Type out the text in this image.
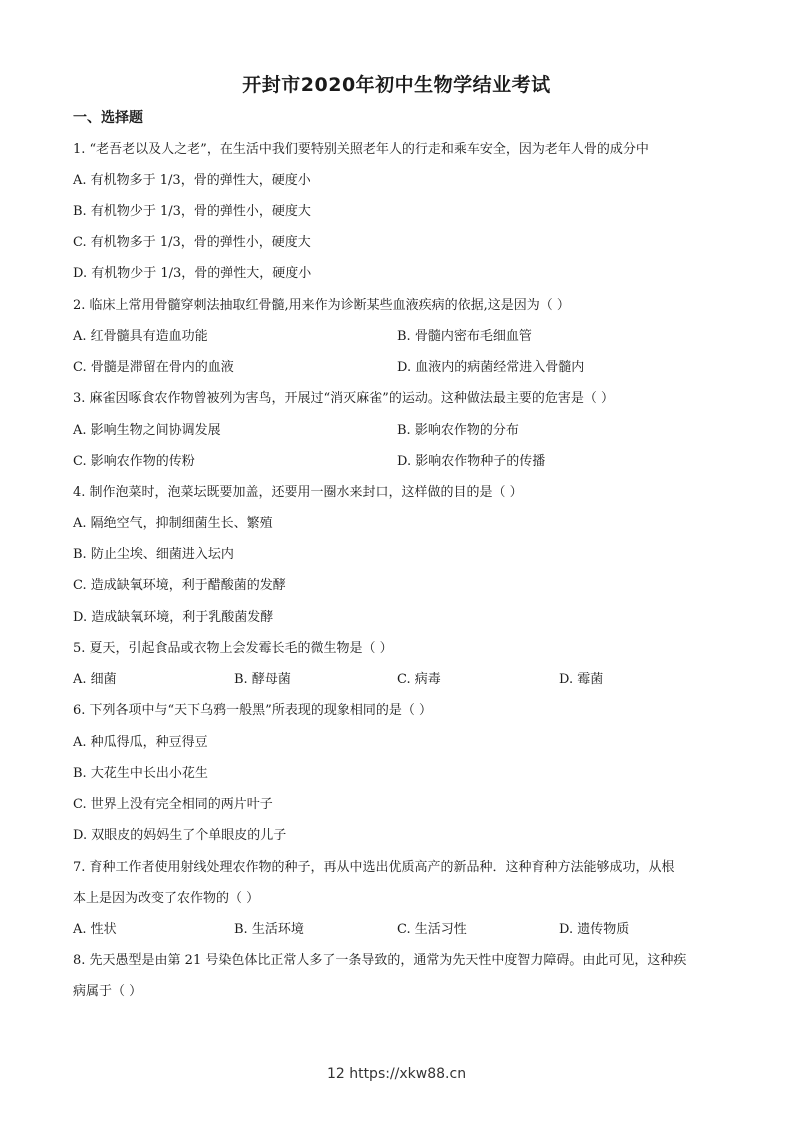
开封市2020年初中生物学结业考试
一、选择题
1. “老吾老以及人之老”，在生活中我们要特别关照老年人的行走和乘车安全，因为老年人骨的成分中
A. 有机物多于 1/3，骨的弹性大，硬度小
B. 有机物少于 1/3，骨的弹性小，硬度大
C. 有机物多于 1/3，骨的弹性小，硬度大
D. 有机物少于 1/3，骨的弹性大，硬度小
2. 临床上常用骨髓穿刺法抽取红骨髓,用来作为诊断某些血液疾病的依据,这是因为（ ）
A. 红骨髓具有造血功能	B. 骨髓内密布毛细血管
C. 骨髓是滞留在骨内的血液	D. 血液内的病菌经常进入骨髓内
3. 麻雀因啄食农作物曾被列为害鸟，开展过“消灭麻雀”的运动。这种做法最主要的危害是（ ）
A. 影响生物之间协调发展	B. 影响农作物的分布
C. 影响农作物的传粉	D. 影响农作物种子的传播
4. 制作泡菜时，泡菜坛既要加盖，还要用一圈水来封口，这样做的目的是（ ）
A. 隔绝空气，抑制细菌生长、繁殖
B. 防止尘埃、细菌进入坛内
C. 造成缺氧环境，利于醋酸菌的发酵
D. 造成缺氧环境，利于乳酸菌发酵
5. 夏天，引起食品或衣物上会发霉长毛的微生物是（ ）
A. 细菌	B. 酵母菌	C. 病毒	D. 霉菌
6. 下列各项中与“天下乌鸦一般黑”所表现的现象相同的是（ ）
A. 种瓜得瓜，种豆得豆
B. 大花生中长出小花生
C. 世界上没有完全相同的两片叶子
D. 双眼皮的妈妈生了个单眼皮的儿子
7. 育种工作者使用射线处理农作物的种子，再从中选出优质高产的新品种．这种育种方法能够成功，从根
本上是因为改变了农作物的（ ）
A. 性状	B. 生活环境	C. 生活习性	D. 遗传物质
8. 先天愚型是由第 21 号染色体比正常人多了一条导致的，通常为先天性中度智力障碍。由此可见，这种疾
病属于（ ）
12 https://xkw88.cn
